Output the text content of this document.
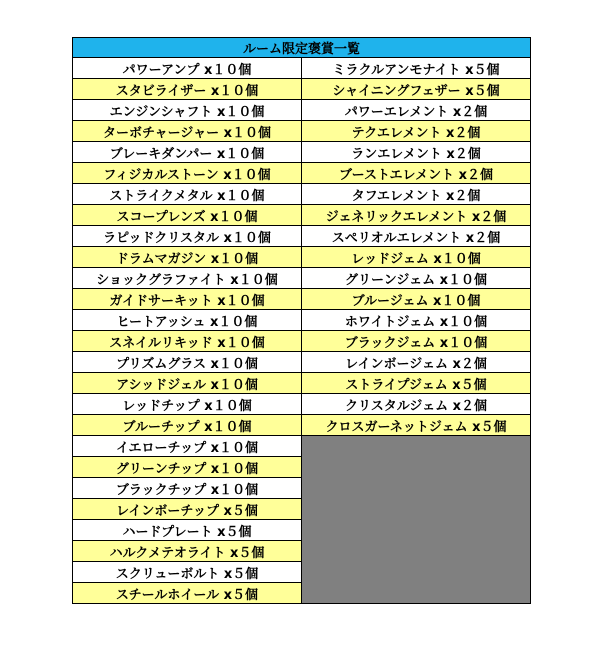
ルーム限定褒賞一覧	
パワーアンプ x１０個	ミラクルアンモナイト x５個
スタビライザー x１０個	シャイニングフェザー x５個
エンジンシャフト x１０個	パワーエレメント x２個
ターボチャージャー x１０個	テクエレメント x２個
ブレーキダンパー x１０個	ランエレメント x２個
フィジカルストーン x１０個	ブーストエレメント x２個
ストライクメタル x１０個	タフエレメント x２個
スコープレンズ x１０個	ジェネリックエレメント x２個
ラピッドクリスタル x１０個	スペリオルエレメント x２個
ドラムマガジン x１０個	レッドジェム x１０個
ショックグラファイト x１０個	グリーンジェム x１０個
ガイドサーキット x１０個	ブルージェム x１０個
ヒートアッシュ x１０個	ホワイトジェム x１０個
スネイルリキッド x１０個	ブラックジェム x１０個
プリズムグラス x１０個	レインボージェム x２個
アシッドジェル x１０個	ストライプジェム x５個
レッドチップ x１０個	クリスタルジェム x２個
ブルーチップ x１０個	クロスガーネットジェム x５個
イエローチップ x１０個	
グリーンチップ x１０個	
ブラックチップ x１０個	
レインボーチップ x５個	
ハードプレート x５個	
ハルクメテオライト x５個	
スクリューボルト x５個	
スチールホイール x５個	
